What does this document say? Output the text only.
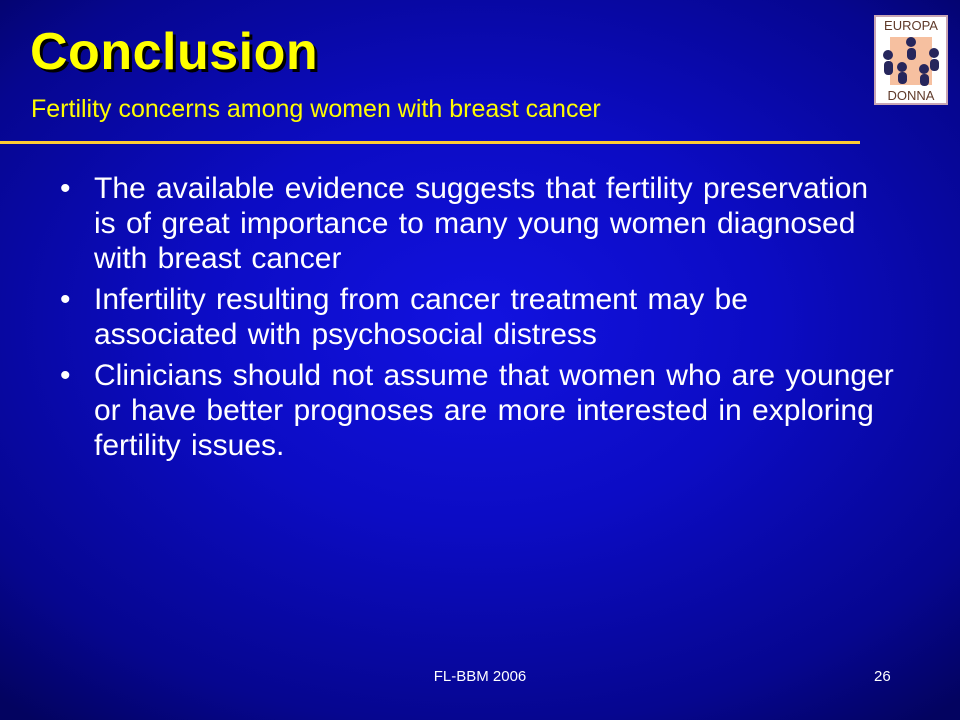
Conclusion
Fertility concerns among women with breast cancer
EUROPA
DONNA
• The available evidence suggests that fertility preservation is of great importance to many young women diagnosed with breast cancer
• Infertility resulting from cancer treatment may be associated with psychosocial distress
• Clinicians should not assume that women who are younger or have better prognoses are more interested in exploring fertility issues.
FL-BBM 2006	26
